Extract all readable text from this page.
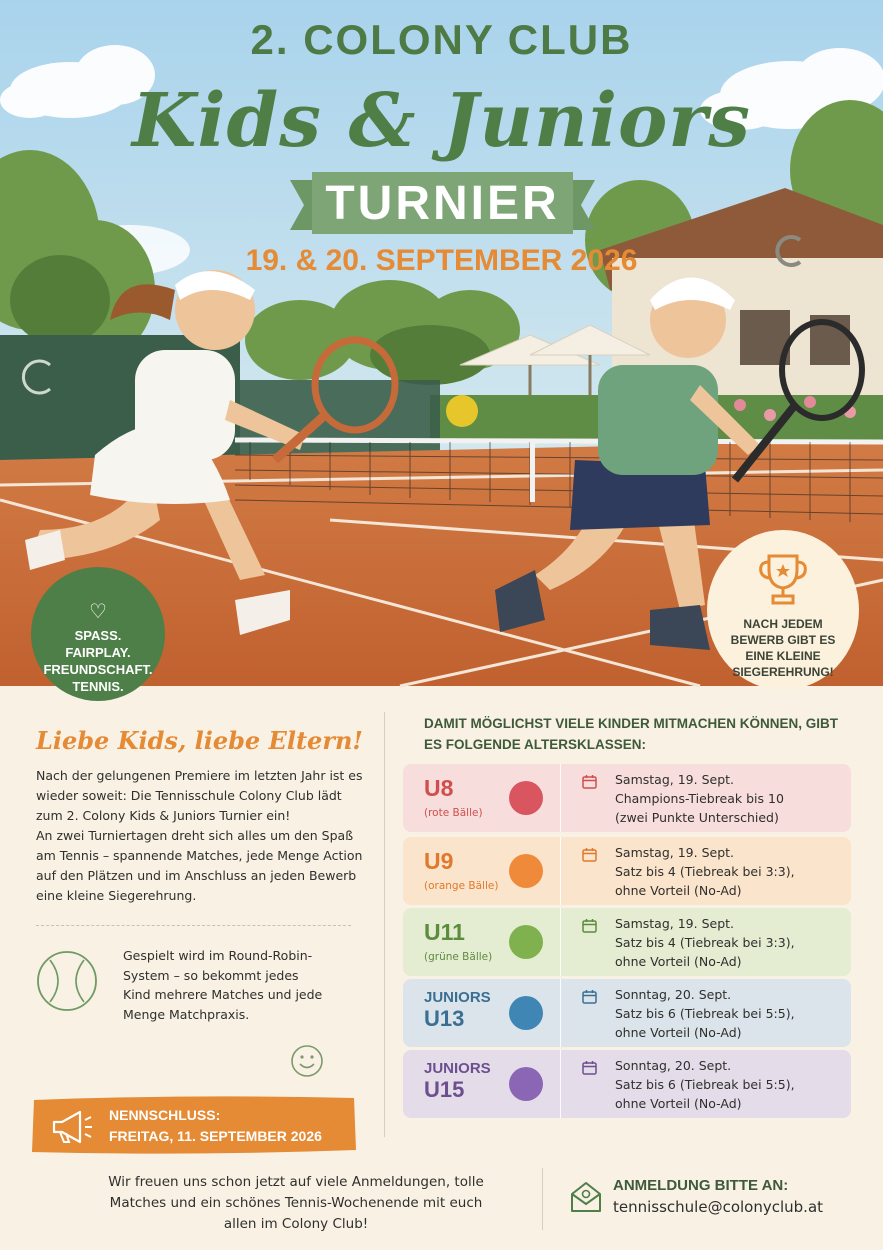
2. COLONY CLUB
Kids & Juniors
TURNIER
19. & 20. SEPTEMBER 2026
♡
SPASS.
FAIRPLAY.
FREUNDSCHAFT.
TENNIS.
NACH JEDEM
BEWERB GIBT ES
EINE KLEINE
SIEGEREHRUNG!
Liebe Kids, liebe Eltern!

Nach der gelungenen Premiere im letzten Jahr ist es wieder soweit: Die Tennisschule Colony Club lädt zum 2. Colony Kids & Juniors Turnier ein!

An zwei Turniertagen dreht sich alles um den Spaß am Tennis – spannende Matches, jede Menge Action auf den Plätzen und im Anschluss an jeden Bewerb eine kleine Siegerehrung.

Gespielt wird im Round-Robin-System – so bekommt jedes Kind mehrere Matches und jede Menge Matchpraxis.
NENNSCHLUSS:
FREITAG, 11. SEPTEMBER 2026
DAMIT MÖGLICHST VIELE KINDER MITMACHEN KÖNNEN, GIBT ES FOLGENDE ALTERSKLASSEN:
U8
(rote Bälle)
Samstag, 19. Sept.
Champions-Tiebreak bis 10
(zwei Punkte Unterschied)
U9
(orange Bälle)
Samstag, 19. Sept.
Satz bis 4 (Tiebreak bei 3:3),
ohne Vorteil (No-Ad)
U11
(grüne Bälle)
Samstag, 19. Sept.
Satz bis 4 (Tiebreak bei 3:3),
ohne Vorteil (No-Ad)
JUNIORS
U13
Sonntag, 20. Sept.
Satz bis 6 (Tiebreak bei 5:5),
ohne Vorteil (No-Ad)
JUNIORS
U15
Sonntag, 20. Sept.
Satz bis 6 (Tiebreak bei 5:5),
ohne Vorteil (No-Ad)
Wir freuen uns schon jetzt auf viele Anmeldungen, tolle Matches und ein schönes Tennis-Wochenende mit euch allen im Colony Club!
ANMELDUNG BITTE AN:
tennisschule@colonyclub.at
